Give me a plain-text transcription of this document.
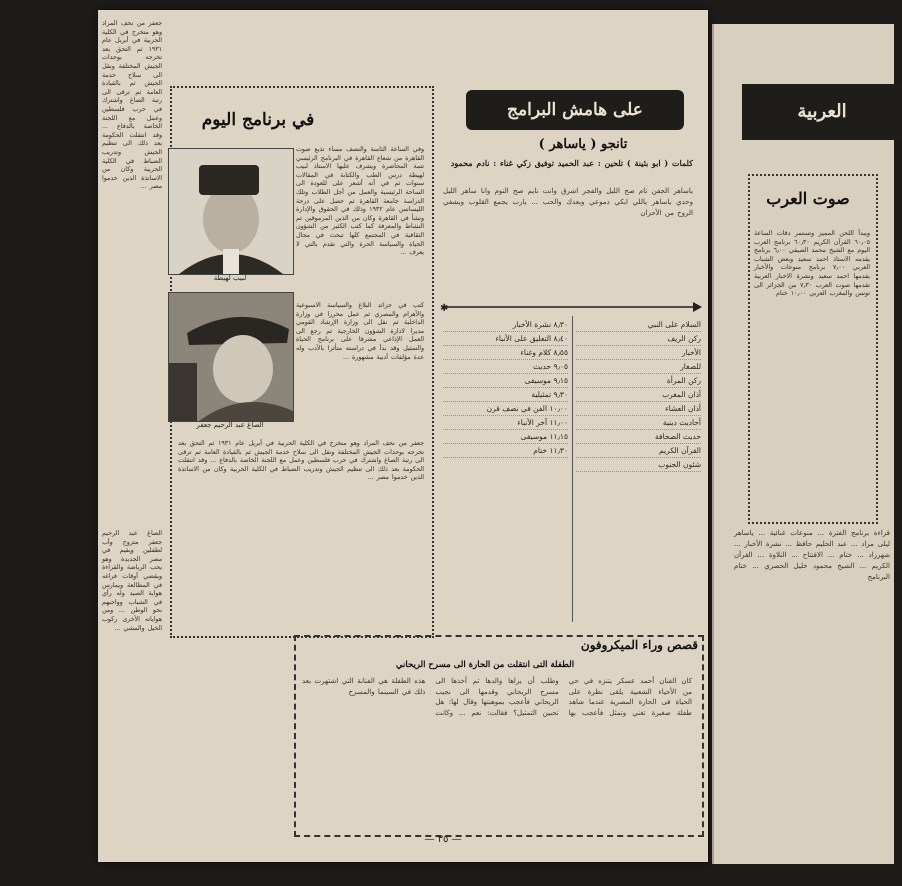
في برنامج اليوم
لبيب لهيطة
الصاغ عبد الرحيم جعفر
وفي الساعة الثامنة والنصف مساء تذيع صوت القاهرة من شعاع القاهرة في البرنامج الرئيسي تتمة المحاضرة ويشرف عليها الاستاذ لبيب لهيطة درس الطب والكتابة في المقالات سنوات ثم في أنه أشعر على للعودة الى الساحة الرئيسية والعمل من أجل الطلاب وتلك الدراسة جامعة القاهرة ثم حصل على درجة الليسانس عام ١٩٣٢ وذلك في الحقوق والإدارة ونشأ في القاهرة وكان من الذين المرموقين ثم النشاط والمعرفة كما كتب الكثير من الشؤون الثقافية في المجتمع كلها تبحث في مجال الحياة والسياسة الحرة والتي تقدم بالتي لا يعرف ...
كتب في جرائد البلاغ والسياسة الاسبوعية والأهرام والمصري ثم عمل محررا في وزارة الداخلية ثم نقل الى وزارة الإرشاد القومي مديرا لادارة الشؤون الخارجية ثم رجع الى العمل الإذاعي مشرفا على برنامج الحياة والتمثيل وقد بدأ في دراسته متأثرا بالأدب وله عدة مؤلفات أدبية مشهورة ...
جعفر من نحف المراد وهو متخرج في الكلية الحربية في أبريل عام ١٩٣١ ثم التحق بعد تخرجه بوحدات الجيش المختلفة ونقل الى سلاح خدمة الجيش ثم بالقيادة العامة ثم ترقى الى رتبة الصاغ واشترك في حرب فلسطين وعمل مع اللجنة الخاصة بالدفاع ... وقد انتقلت الحكومة بعد ذلك الى تنظيم الجيش وتدريب الضباط في الكلية الحربية وكان من الاساتذة الذين خدموا مصر ...
الصاغ عبد الرحيم جعفر متزوج وأب لطفلين ويقيم في مصر الجديدة وهو يحب الرياضة والقراءة ويقضي أوقات فراغه في المطالعة ويمارس هواية الصيد وله رأي في الشباب وواجبهم نحو الوطن ... ومن هواياته الأخرى ركوب الخيل والمشي ...
جعفر من نحف المراد وهو متخرج في الكلية الحربية في أبريل عام ١٩٣١ ثم التحق بعد تخرجه بوحدات الجيش المختلفة ونقل الى سلاح خدمة الجيش ثم بالقيادة العامة ثم ترقى الى رتبة الصاغ واشترك في حرب فلسطين وعمل مع اللجنة الخاصة بالدفاع ... وقد انتقلت الحكومة بعد ذلك الى تنظيم الجيش وتدريب الضباط في الكلية الحربية وكان من الاساتذة الذين خدموا مصر ...
على هامش البرامج
تانجو ( ياساهر )
كلمات ( ابو بثينة ) تلحين : عبد الحميد توفيق زكي غناء : نادم محمود
ياساهر الجفن تام صح الليل والفجر اشرق وانت نايم صح النوم وانا ساهر الليل وحدي ياساهر ياللي ابكي دموعي وبعدك والحب ... يارب يجمع القلوب ويشفي الروح من الأحزان
✱
٨٫٣٠ نشرة الأخبار
٨٫٤٠ التعليق على الأنباء
٨٫٥٥ كلام وغناء
٩٫٠٥ حديث
٩٫١٥ موسيقى
٩٫٣٠ تمثيلية
١٠٫٠٠ الفن في نصف قرن
١١٫٠٠ آخر الأنباء
١١٫١٥ موسيقى
١١٫٣٠ ختام
السلام على النبي
ركن الريف
الأخبار
للصغار
ركن المرأة
أذان المغرب
أذان العشاء
أحاديث دينية
حديث الصحافة
القرآن الكريم
شئون الجنوب
قصص وراء الميكروفون
الطفلة التى انتقلت من الحارة الى مسرح الريحاني
كان الفنان أحمد عسكر يتنزه في حي من الأحياء الشعبية يلقى نظرة على الحياة فى الحارة المصرية عندما شاهد طفلة صغيرة تغني وتمثل فأعجب بها وطلب أن يراها والدها ثم أخذها الى مسرح الريحاني وقدمها الى نجيب الريحاني فأعجب بموهبتها وقال لها: هل تحبين التمثيل؟ فقالت: نعم ... وكانت هذه الطفلة هي الفنانة التي اشتهرت بعد ذلك في السينما والمسرح
— ٣٥ —
العربية
صوت العرب
ويبدأ اللحن المميز وتستمر دقات الساعة ٦٠٫٠٥ القرآن الكريم ٦٠٫٣٠ برنامج العرب اليوم مع الشيخ محمد الصيفي ٦٫٠٠ برنامج يقدمه الاستاذ احمد سعيد وبعض الشباب العربي ٧٫٠٠ برنامج منوعات والأخبار يقدمها احمد سعيد ونشرة الاخبار العربية تقدمها صوت العرب ٧٫٣٠ من الجزائر الى تونس والمغرب العربي ١٠٫٠٠ ختام
قراءة برنامج الفترة ... منوعات غنائية ... ياساهر ليلى مراد ... عبد الحليم حافظ ... نشرة الأخبار ... شهرزاد ... ختام ... الافتتاح ... التلاوة ... القرآن الكريم ... الشيخ محمود خليل الحصري ... ختام البرنامج
